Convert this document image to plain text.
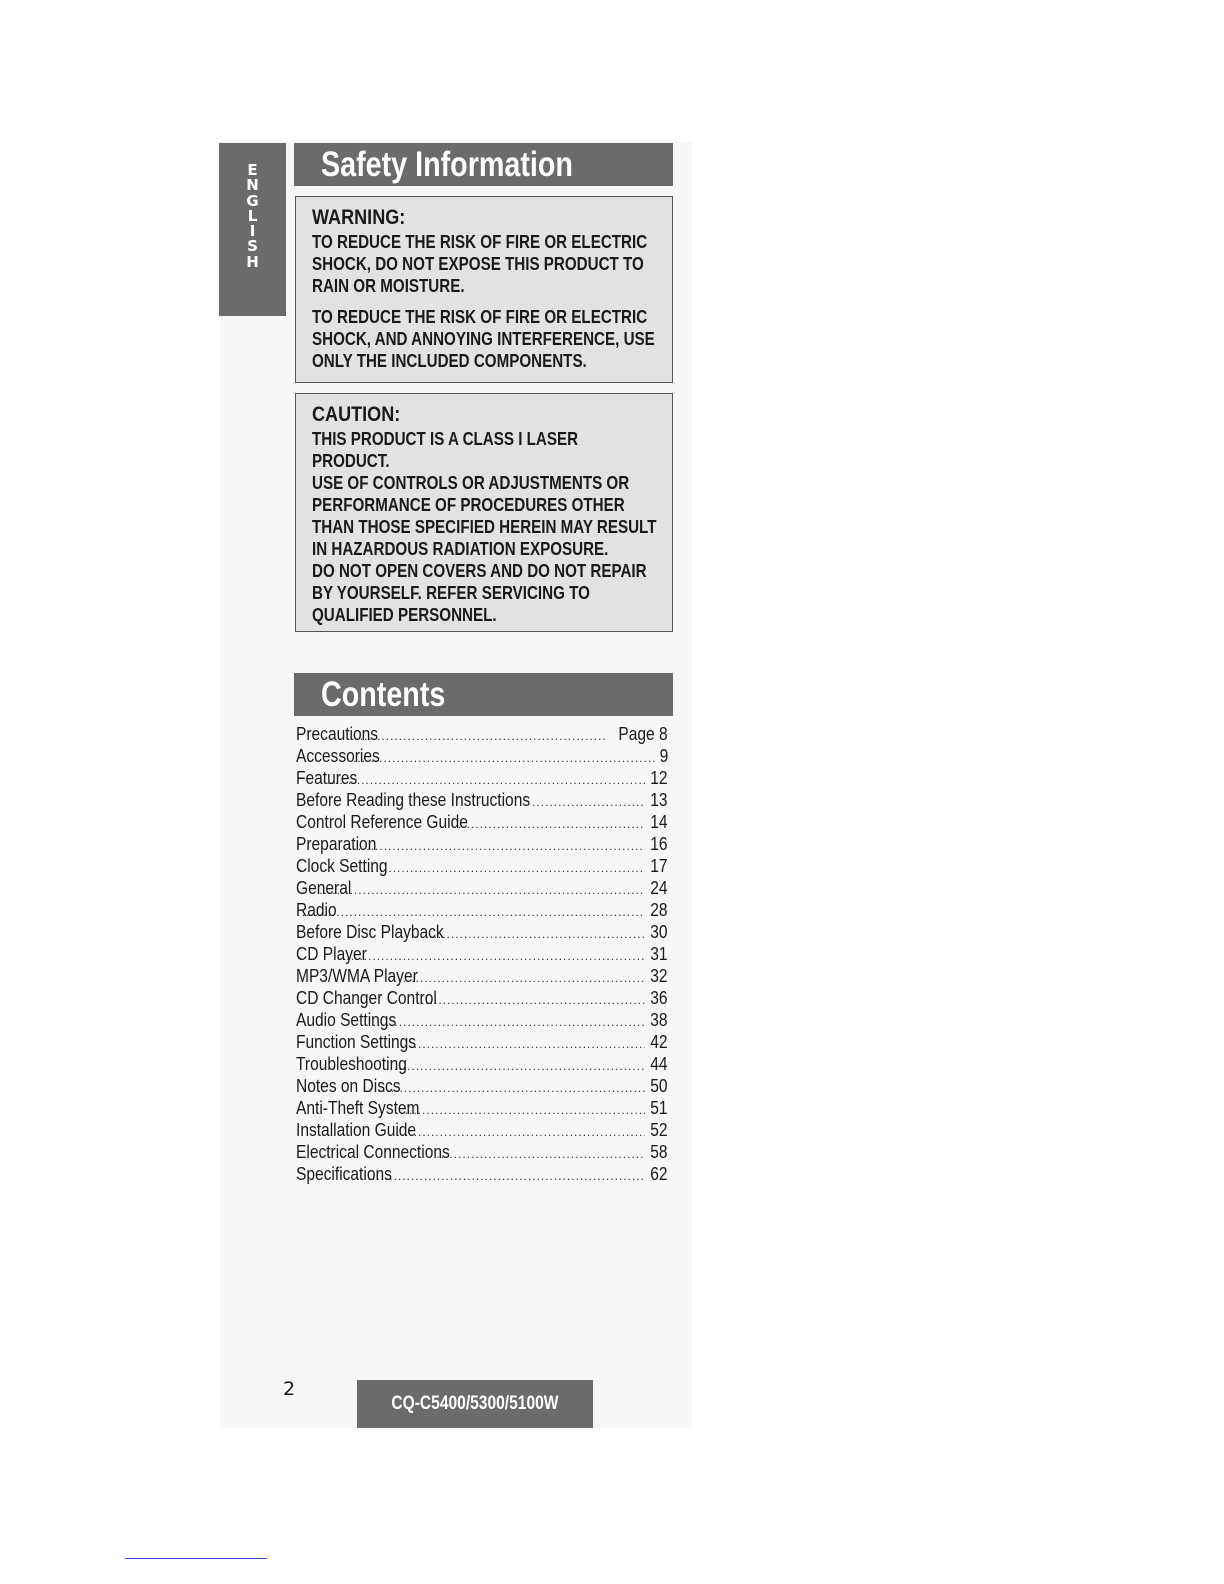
E
N
G
L
I
S
H
Safety Information
WARNING:
TO REDUCE THE RISK OF FIRE OR ELECTRIC
SHOCK, DO NOT EXPOSE THIS PRODUCT TO
RAIN OR MOISTURE.
TO REDUCE THE RISK OF FIRE OR ELECTRIC
SHOCK, AND ANNOYING INTERFERENCE, USE
ONLY THE INCLUDED COMPONENTS.
CAUTION:
THIS PRODUCT IS A CLASS I LASER
PRODUCT.
USE OF CONTROLS OR ADJUSTMENTS OR
PERFORMANCE OF PROCEDURES OTHER
THAN THOSE SPECIFIED HEREIN MAY RESULT
IN HAZARDOUS RADIATION EXPOSURE.
DO NOT OPEN COVERS AND DO NOT REPAIR
BY YOURSELF. REFER SERVICING TO
QUALIFIED PERSONNEL.
Contents
Precautions .....	Page 8
Accessories .....	9
Features .....	12
Before Reading these Instructions .....	13
Control Reference Guide .....	14
Preparation .....	16
Clock Setting .....	17
General .....	24
Radio .....	28
Before Disc Playback .....	30
CD Player .....	31
MP3/WMA Player .....	32
CD Changer Control .....	36
Audio Settings .....	38
Function Settings .....	42
Troubleshooting .....	44
Notes on Discs .....	50
Anti-Theft System .....	51
Installation Guide .....	52
Electrical Connections .....	58
Specifications .....	62
2
CQ-C5400/5300/5100W
